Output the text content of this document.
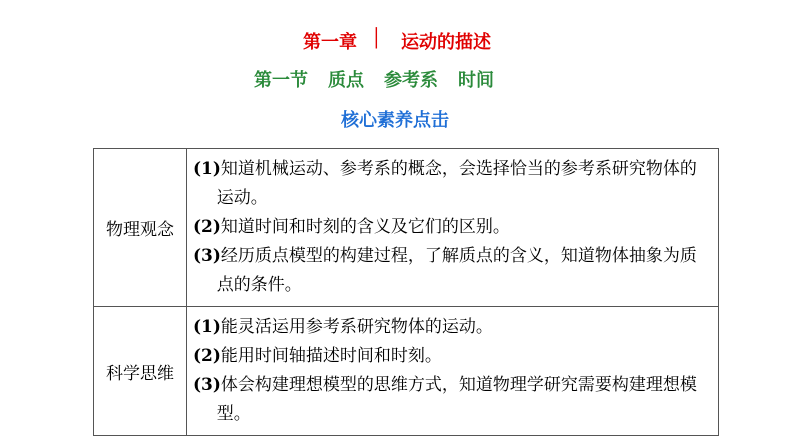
第一章 │ 运动的描述
第一节 质点 参考系 时间
核心素养点击
物理观念	(1)知道机械运动、参考系的概念，会选择恰当的参考系研究物体的运动。
(2)知道时间和时刻的含义及它们的区别。
(3)经历质点模型的构建过程，了解质点的含义，知道物体抽象为质点的条件。

科学思维	(1)能灵活运用参考系研究物体的运动。
(2)能用时间轴描述时间和时刻。
(3)体会构建理想模型的思维方式，知道物理学研究需要构建理想模型。
